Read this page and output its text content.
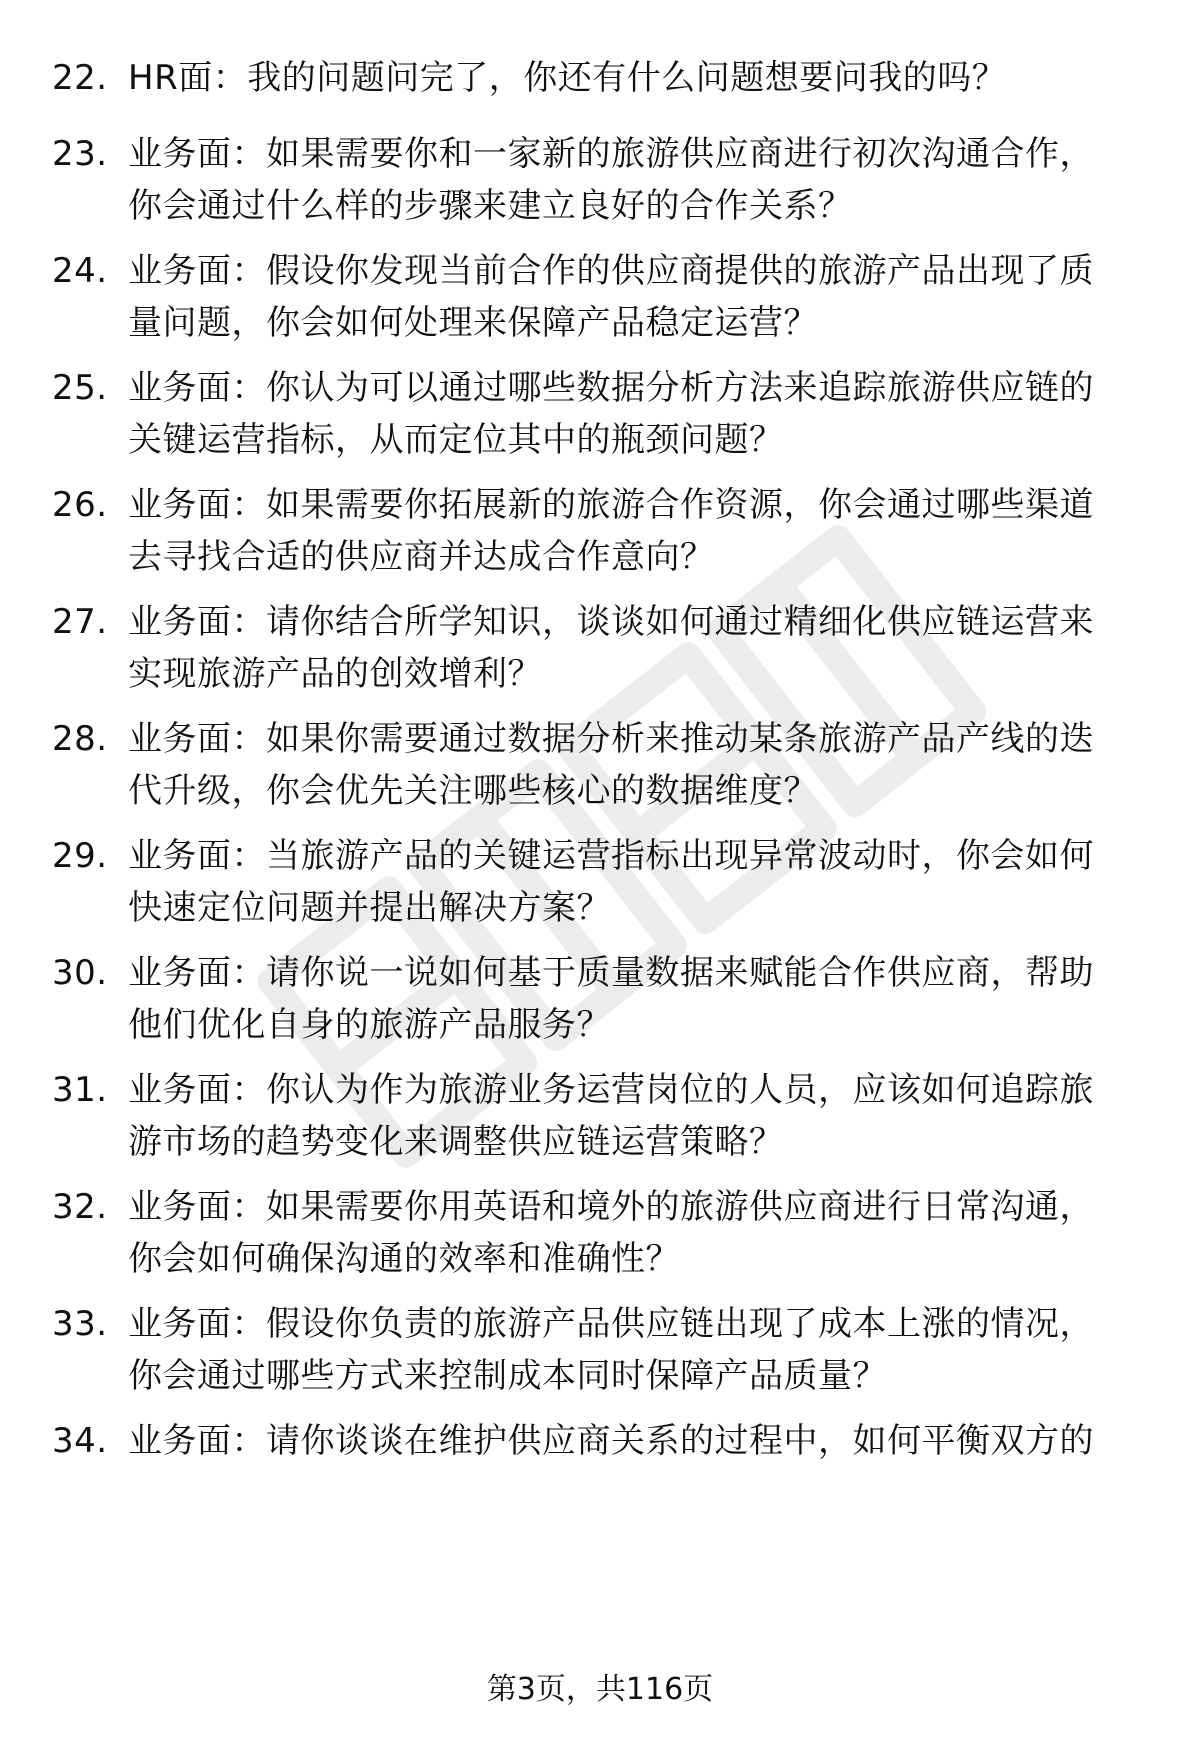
22. HR面：我的问题问完了，你还有什么问题想要问我的吗？
23. 业务面：如果需要你和一家新的旅游供应商进行初次沟通合作，
你会通过什么样的步骤来建立良好的合作关系？
24. 业务面：假设你发现当前合作的供应商提供的旅游产品出现了质
量问题，你会如何处理来保障产品稳定运营？
25. 业务面：你认为可以通过哪些数据分析方法来追踪旅游供应链的
关键运营指标，从而定位其中的瓶颈问题？
26. 业务面：如果需要你拓展新的旅游合作资源，你会通过哪些渠道
去寻找合适的供应商并达成合作意向？
27. 业务面：请你结合所学知识，谈谈如何通过精细化供应链运营来
实现旅游产品的创效增利？
28. 业务面：如果你需要通过数据分析来推动某条旅游产品产线的迭
代升级，你会优先关注哪些核心的数据维度？
29. 业务面：当旅游产品的关键运营指标出现异常波动时，你会如何
快速定位问题并提出解决方案？
30. 业务面：请你说一说如何基于质量数据来赋能合作供应商，帮助
他们优化自身的旅游产品服务？
31. 业务面：你认为作为旅游业务运营岗位的人员，应该如何追踪旅
游市场的趋势变化来调整供应链运营策略？
32. 业务面：如果需要你用英语和境外的旅游供应商进行日常沟通，
你会如何确保沟通的效率和准确性？
33. 业务面：假设你负责的旅游产品供应链出现了成本上涨的情况，
你会通过哪些方式来控制成本同时保障产品质量？
34. 业务面：请你谈谈在维护供应商关系的过程中，如何平衡双方的
第3页，共116页
